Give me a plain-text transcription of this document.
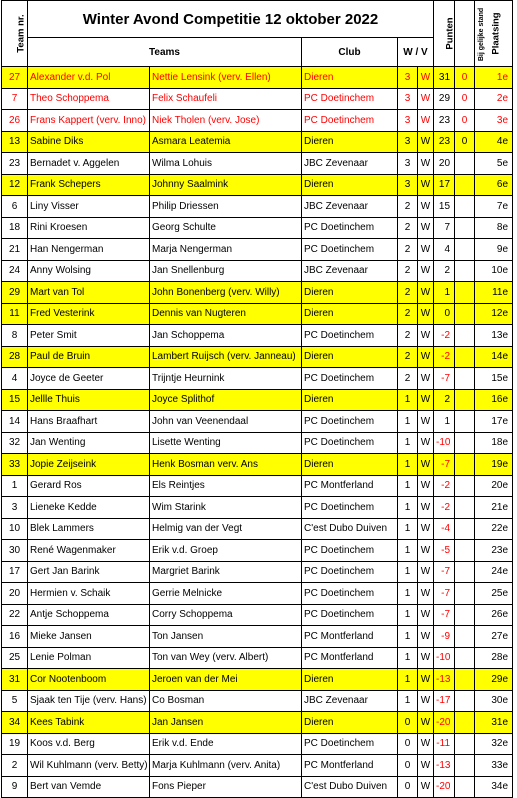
Team nr.	Winter Avond Competitie 12 oktober 2022					Punten	Bij gelijke stand	Plaatsing
	Teams		Club	W / V				
27	Alexander v.d. Pol	Nettie Lensink (verv. Ellen)	Dieren	3	W	31	0	1e
7	Theo Schoppema	Felix Schaufeli	PC Doetinchem	3	W	29	0	2e
26	Frans Kappert (verv. Inno)	Niek Tholen (verv. Jose)	PC Doetinchem	3	W	23	0	3e
13	Sabine Diks	Asmara Leatemia	Dieren	3	W	23	0	4e
23	Bernadet v. Aggelen	Wilma Lohuis	JBC Zevenaar	3	W	20		5e
12	Frank Schepers	Johnny Saalmink	Dieren	3	W	17		6e
6	Liny Visser	Philip Driessen	JBC Zevenaar	2	W	15		7e
18	Rini Kroesen	Georg Schulte	PC Doetinchem	2	W	7		8e
21	Han Nengerman	Marja Nengerman	PC Doetinchem	2	W	4		9e
24	Anny Wolsing	Jan Snellenburg	JBC Zevenaar	2	W	2		10e
29	Mart van Tol	John Bonenberg (verv. Willy)	Dieren	2	W	1		11e
11	Fred Vesterink	Dennis van Nugteren	Dieren	2	W	0		12e
8	Peter Smit	Jan Schoppema	PC Doetinchem	2	W	-2		13e
28	Paul de Bruin	Lambert Ruijsch (verv. Janneau)	Dieren	2	W	-2		14e
4	Joyce de Geeter	Trijntje Heurnink	PC Doetinchem	2	W	-7		15e
15	Jellle Thuis	Joyce Splithof	Dieren	1	W	2		16e
14	Hans Braafhart	John van Veenendaal	PC Doetinchem	1	W	1		17e
32	Jan Wenting	Lisette Wenting	PC Doetinchem	1	W	-10		18e
33	Jopie Zeijseink	Henk Bosman verv. Ans	Dieren	1	W	-7		19e
1	Gerard Ros	Els Reintjes	PC Montferland	1	W	-2		20e
3	Lieneke Kedde	Wim Starink	PC Doetinchem	1	W	-2		21e
10	Blek Lammers	Helmig van der Vegt	C'est Dubo Duiven	1	W	-4		22e
30	René Wagenmaker	Erik v.d. Groep	PC Doetinchem	1	W	-5		23e
17	Gert Jan Barink	Margriet Barink	PC Doetinchem	1	W	-7		24e
20	Hermien v. Schaik	Gerrie Melnicke	PC Doetinchem	1	W	-7		25e
22	Antje Schoppema	Corry Schoppema	PC Doetinchem	1	W	-7		26e
16	Mieke Jansen	Ton Jansen	PC Montferland	1	W	-9		27e
25	Lenie Polman	Ton van Wey (verv. Albert)	PC Montferland	1	W	-10		28e
31	Cor Nootenboom	Jeroen van der Mei	Dieren	1	W	-13		29e
5	Sjaak ten Tije (verv. Hans)	Co Bosman	JBC Zevenaar	1	W	-17		30e
34	Kees Tabink	Jan Jansen	Dieren	0	W	-20		31e
19	Koos v.d. Berg	Erik v.d. Ende	PC Doetinchem	0	W	-11		32e
2	Wil Kuhlmann (verv. Betty)	Marja Kuhlmann (verv. Anita)	PC Montferland	0	W	-13		33e
9	Bert van Vemde	Fons Pieper	C'est Dubo Duiven	0	W	-20		34e
